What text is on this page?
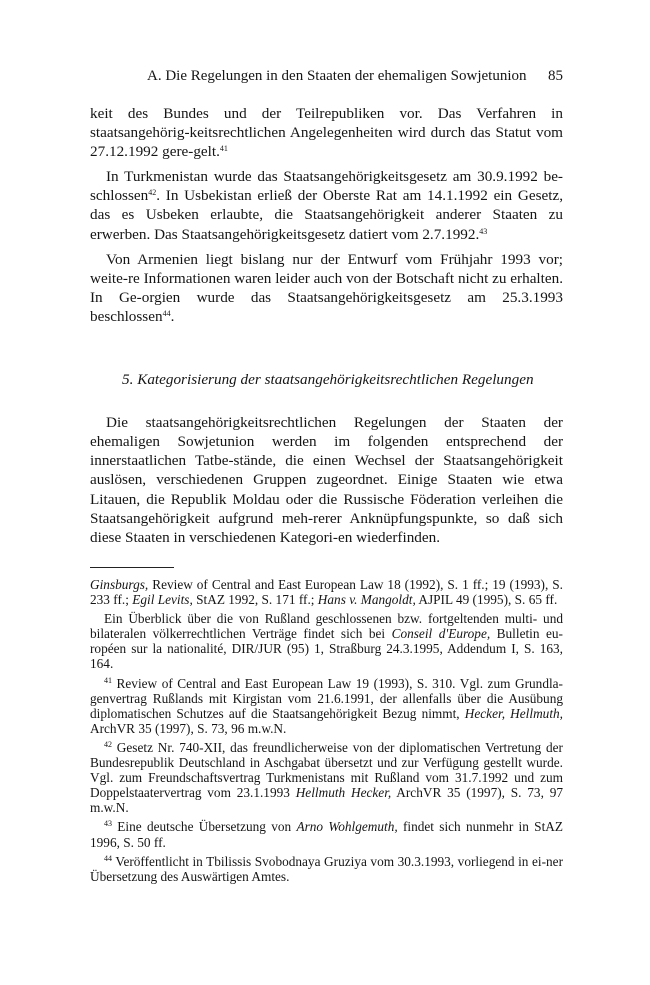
A. Die Regelungen in den Staaten der ehemaligen Sowjetunion 85

keit des Bundes und der Teilrepubliken vor. Das Verfahren in staatsangehörig-keitsrechtlichen Angelegenheiten wird durch das Statut vom 27.12.1992 gere-gelt.$^{41}$

In Turkmenistan wurde das Staatsangehörigkeitsgesetz am 30.9.1992 be-schlossen$^{42}$. In Usbekistan erließ der Oberste Rat am 14.1.1992 ein Gesetz, das es Usbeken erlaubte, die Staatsangehörigkeit anderer Staaten zu erwerben. Das Staatsangehörigkeitsgesetz datiert vom 2.7.1992.43

Von Armenien liegt bislang nur der Entwurf vom Frühjahr 1993 vor; weite-re Informationen waren leider auch von der Botschaft nicht zu erhalten. In Ge-orgien wurde das Staatsangehörigkeitsgesetz am 25.3.1993 beschlossen$^{44}$.

5. Kategorisierung der staatsangehörigkeitsrechtlichen Regelungen

Die staatsangehörigkeitsrechtlichen Regelungen der Staaten der ehemaligen Sowjetunion werden im folgenden entsprechend der innerstaatlichen Tatbe-stände, die einen Wechsel der Staatsangehörigkeit auslösen, verschiedenen Gruppen zugeordnet. Einige Staaten wie etwa Litauen, die Republik Moldau oder die Russische Föderation verleihen die Staatsangehörigkeit aufgrund meh-rerer Anknüpfungspunkte, so daß sich diese Staaten in verschiedenen Kategori-en wiederfinden.

Ginsburgs, Review of Central and East European Law 18 (1992), S. 1 ff.; 19 (1993), S. 233 ff.; Egil Levits, StAZ 1992, S. 171 ff.; Hans v. Mangoldt, AJPIL 49 (1995), S. 65 ff.

Ein Überblick über die von Rußland geschlossenen bzw. fortgeltenden multi- und bilateralen völkerrechtlichen Verträge findet sich bei Conseil d'Europe, Bulletin eu-ropéen sur la nationalité, DIR/JUR (95) 1, Straßburg 24.3.1995, Addendum I, S. 163, 164.

$^{41}$ Review of Central and East European Law 19 (1993), S. 310. Vgl. zum Grundla-genvertrag Rußlands mit Kirgistan vom 21.6.1991, der allenfalls über die Ausübung diplomatischen Schutzes auf die Staatsangehörigkeit Bezug nimmt, Hecker, Hellmuth, ArchVR 35 (1997), S. 73, 96 m.w.N.

$^{42}$ Gesetz Nr. 740-XII, das freundlicherweise von der diplomatischen Vertretung der Bundesrepublik Deutschland in Aschgabat übersetzt und zur Verfügung gestellt wurde. Vgl. zum Freundschaftsvertrag Turkmenistans mit Rußland vom 31.7.1992 und zum Doppelstaatervertrag vom 23.1.1993 Hellmuth Hecker, ArchVR 35 (1997), S. 73, 97 m.w.N.

$^{43}$ Eine deutsche Übersetzung von Arno Wohlgemuth, findet sich nunmehr in StAZ 1996, S. 50 ff.

$^{44}$ Veröffentlicht in Tbilissis Svobodnaya Gruziya vom 30.3.1993, vorliegend in ei-ner Übersetzung des Auswärtigen Amtes.
